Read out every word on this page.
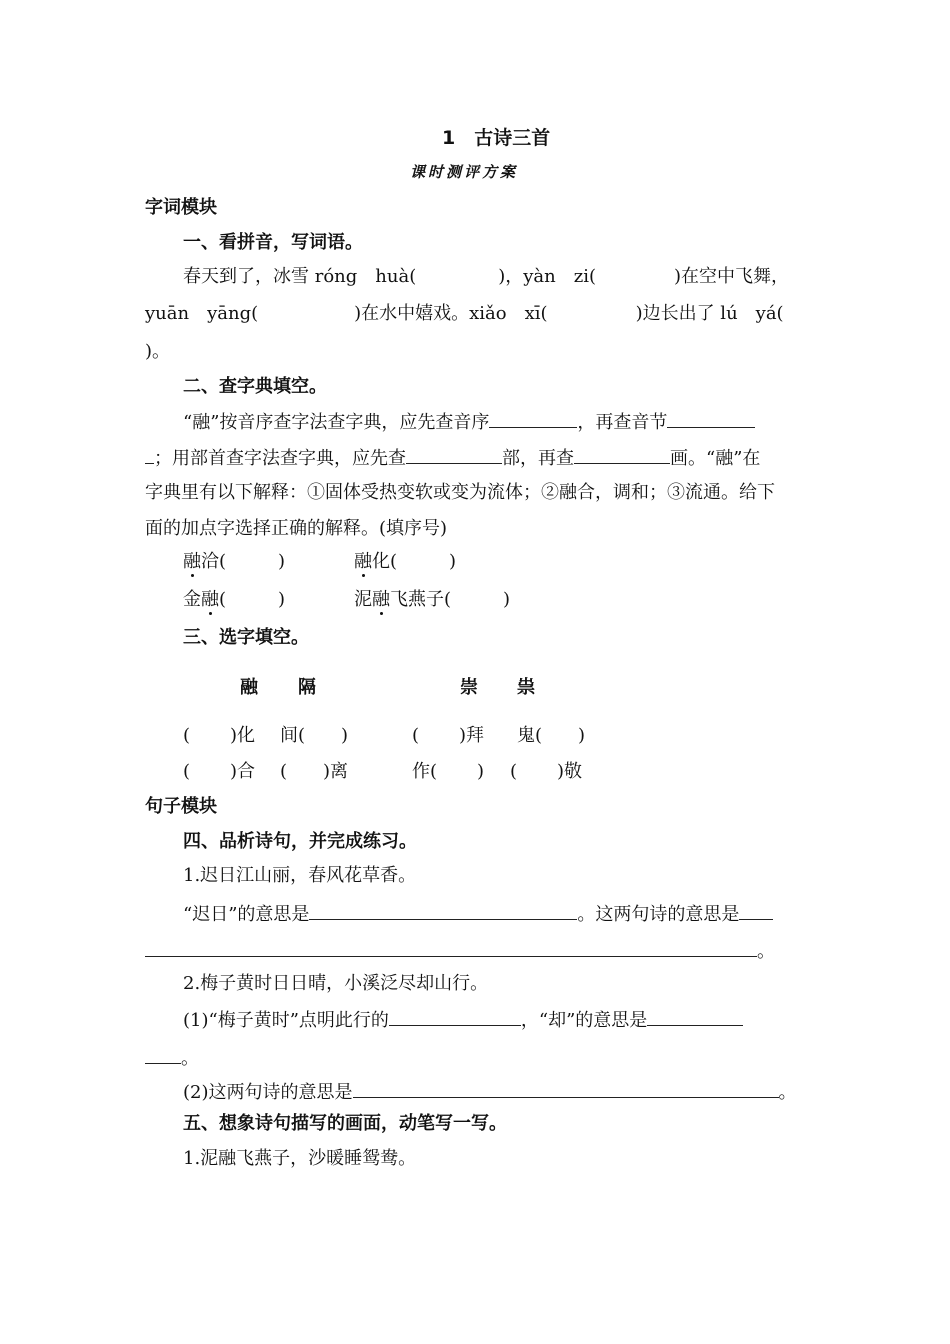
1　古诗三首
课时测评方案
字词模块
一、看拼音，写词语。
春天到了，冰雪 róng　huà(	)，yàn　zi(	)在空中飞舞，
yuān　yāng(	)在水中嬉戏。xiǎo　xī(	)边长出了 lú　yá(
)。
二、查字典填空。
“融”按音序查字法查字典，应先查音序	，再查音节
；用部首查字法查字典，应先查	部，再查	画。“融”在
字典里有以下解释：①固体受热变软或变为流体；②融合，调和；③流通。给下
面的加点字选择正确的解释。(填序号)
融洽(	)	融化(	)
金融(	)	泥融飞燕子(	)
三、选字填空。
融 隔	崇 祟
( )化 间( )	( )拜 鬼( )
( )合 ( )离	作( ) ( )敬
句子模块
四、品析诗句，并完成练习。
1.迟日江山丽，春风花草香。
“迟日”的意思是	。这两句诗的意思是
。
2.梅子黄时日日晴，小溪泛尽却山行。
(1)“梅子黄时”点明此行的	，“却”的意思是
。
(2)这两句诗的意思是	。
五、想象诗句描写的画面，动笔写一写。
1.泥融飞燕子，沙暖睡鸳鸯。
